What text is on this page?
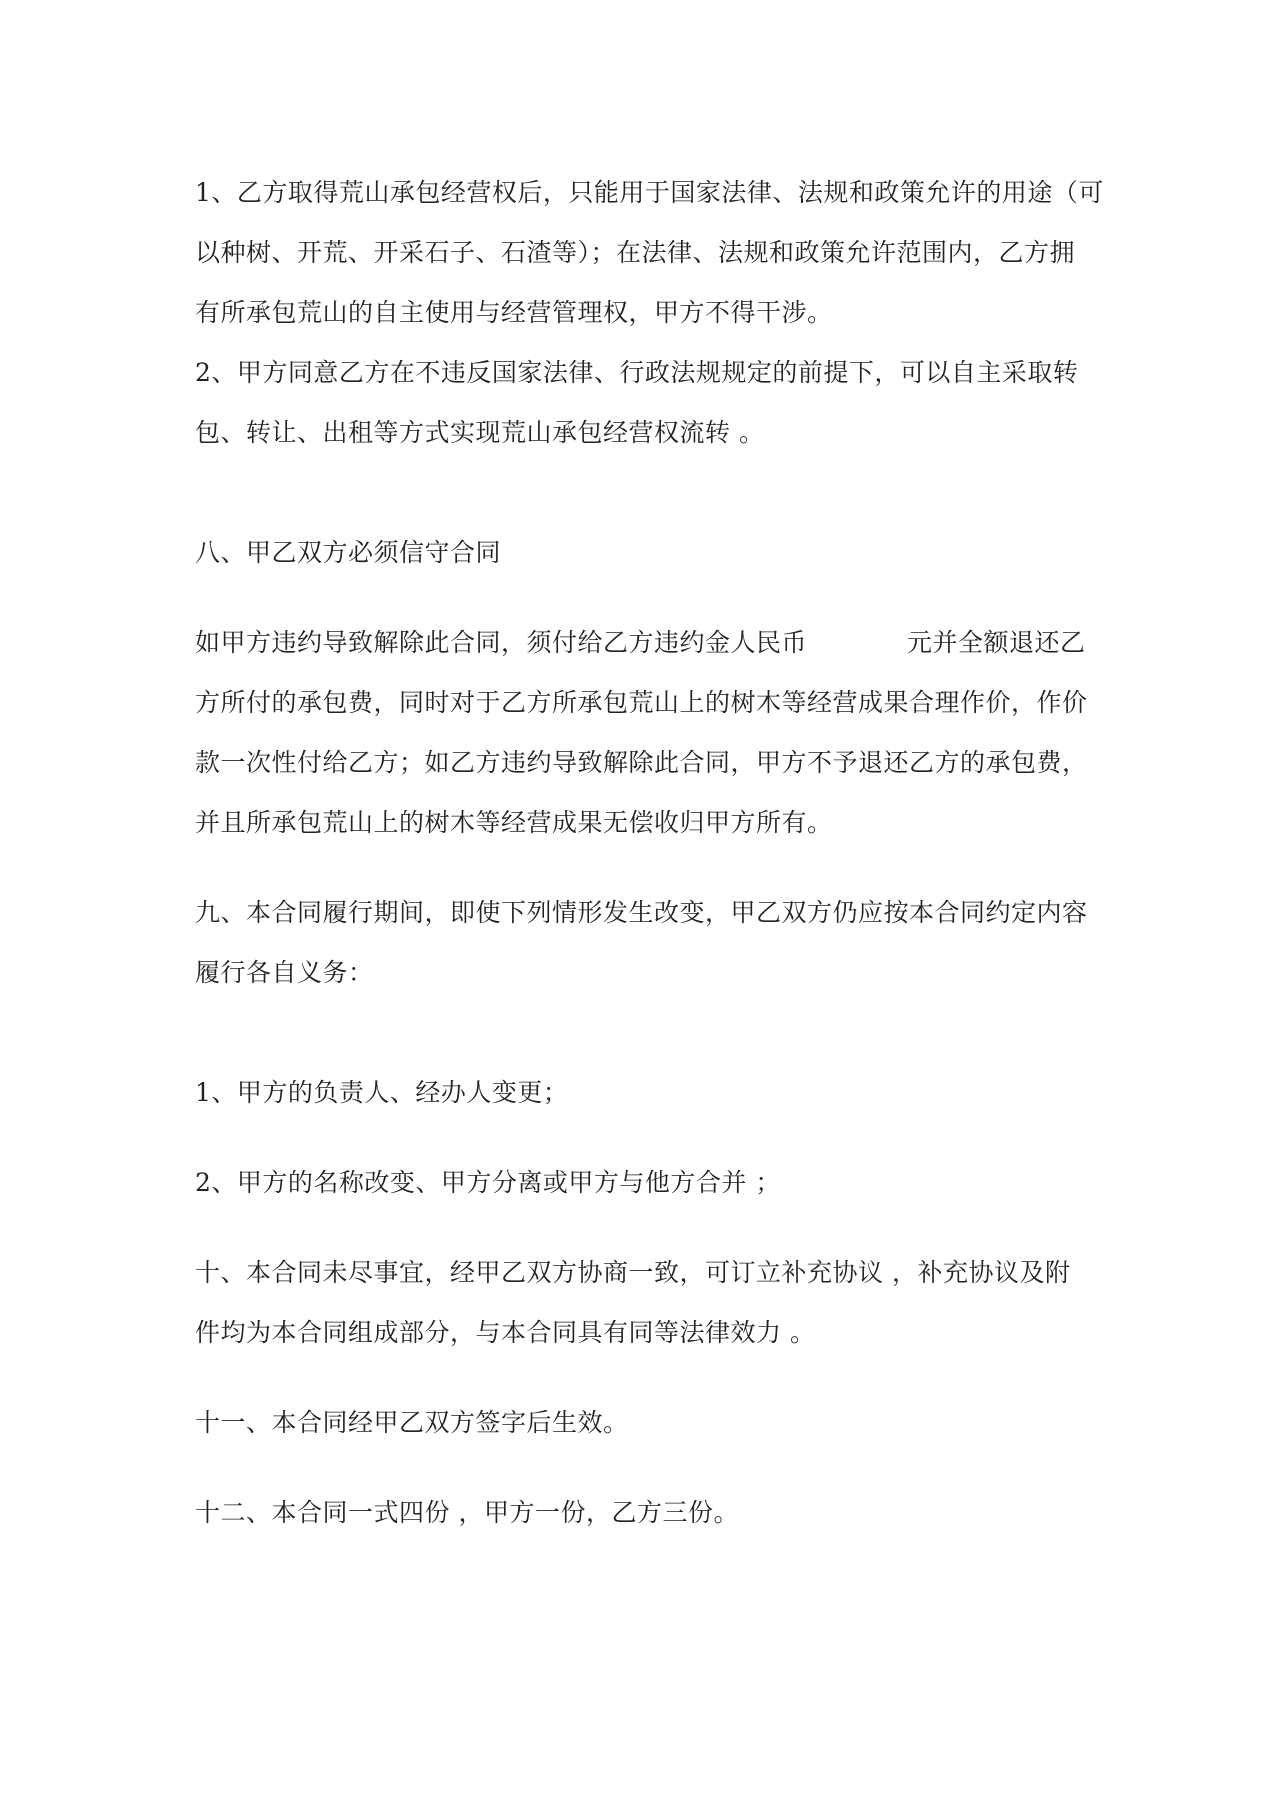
1、乙方取得荒山承包经营权后，只能用于国家法律、法规和政策允许的用途（可
以种树、开荒、开采石子、石渣等）；在法律、法规和政策允许范围内，乙方拥
有所承包荒山的自主使用与经营管理权，甲方不得干涉。

2、甲方同意乙方在不违反国家法律、行政法规规定的前提下，可以自主采取转
包、转让、出租等方式实现荒山承包经营权流转 。

八、甲乙双方必须信守合同

如甲方违约导致解除此合同，须付给乙方违约金人民币	元并全额退还乙
方所付的承包费，同时对于乙方所承包荒山上的树木等经营成果合理作价，作价
款一次性付给乙方；如乙方违约导致解除此合同，甲方不予退还乙方的承包费，
并且所承包荒山上的树木等经营成果无偿收归甲方所有。

九、本合同履行期间，即使下列情形发生改变，甲乙双方仍应按本合同约定内容
履行各自义务：

1、甲方的负责人、经办人变更；

2、甲方的名称改变、甲方分离或甲方与他方合并 ；

十、本合同未尽事宜，经甲乙双方协商一致，可订立补充协议 ，补充协议及附
件均为本合同组成部分，与本合同具有同等法律效力 。

十一、本合同经甲乙双方签字后生效。

十二、本合同一式四份 ，甲方一份，乙方三份。
